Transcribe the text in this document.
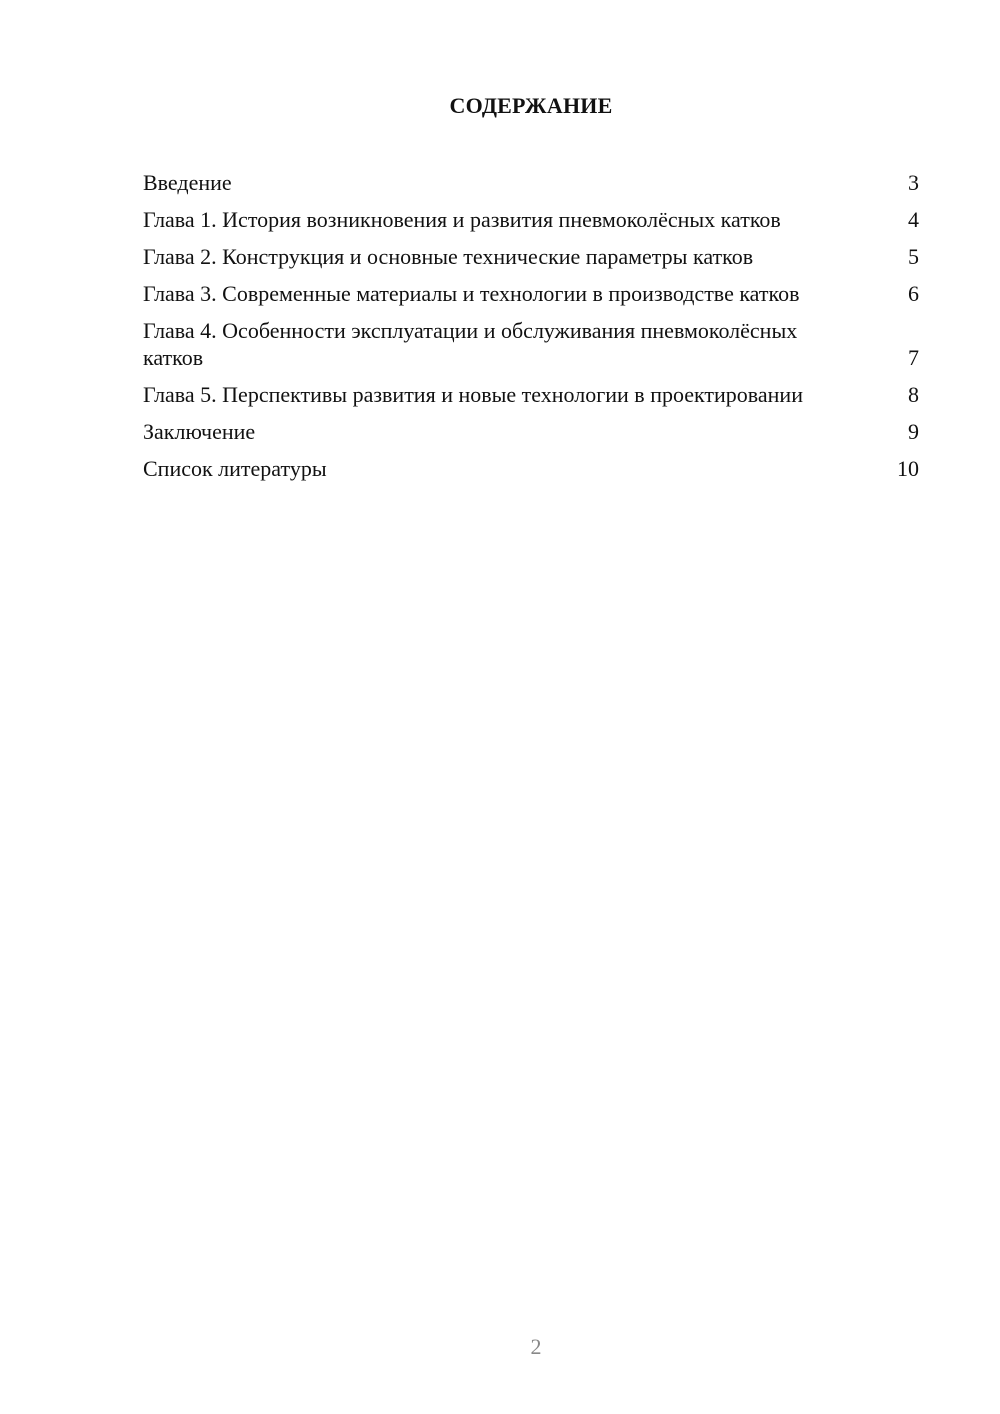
СОДЕРЖАНИЕ
Введение	3
Глава 1. История возникновения и развития пневмоколёсных катков	4
Глава 2. Конструкция и основные технические параметры катков	5
Глава 3. Современные материалы и технологии в производстве катков	6
Глава 4. Особенности эксплуатации и обслуживания пневмоколёсных катков	7
Глава 5. Перспективы развития и новые технологии в проектировании	8
Заключение	9
Список литературы	10
2
